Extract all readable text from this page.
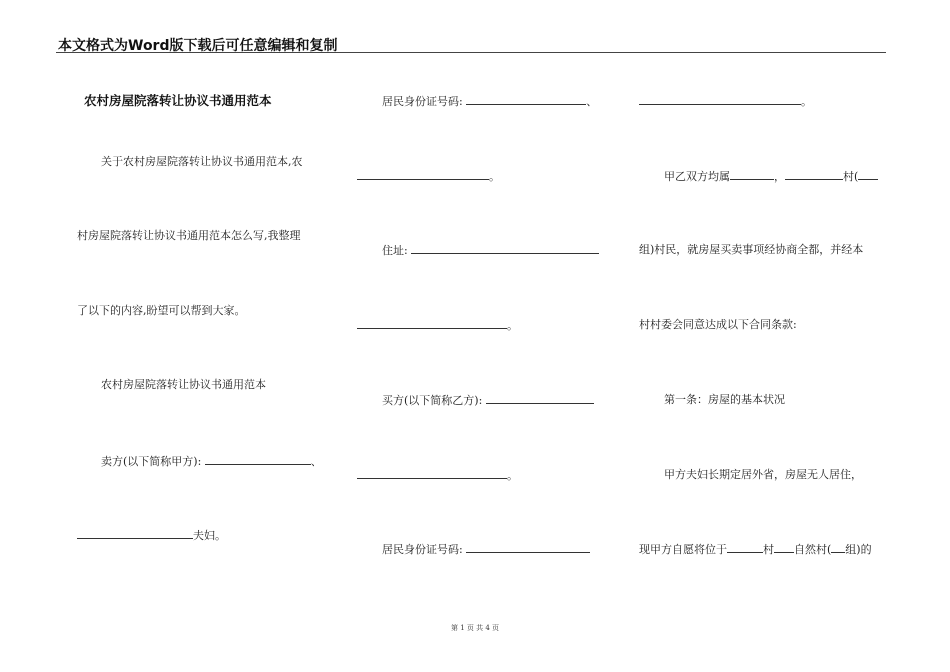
本文格式为Word版下载后可任意编辑和复制
农村房屋院落转让协议书通用范本
关于农村房屋院落转让协议书通用范本,农
村房屋院落转让协议书通用范本怎么写,我整理
了以下的内容,盼望可以帮到大家。
农村房屋院落转让协议书通用范本
卖方(以下简称甲方):	、
夫妇。
居民身份证号码:	、
。
住址:
。
买方(以下简称乙方):
。
居民身份证号码:
。
甲乙双方均属	，	村(
组)村民，就房屋买卖事项经协商全都，并经本
村村委会同意达成以下合同条款:
第一条：房屋的基本状况
甲方夫妇长期定居外省，房屋无人居住，
现甲方自愿将位于	村 自然村( 组)的
第 1 页 共 4 页
